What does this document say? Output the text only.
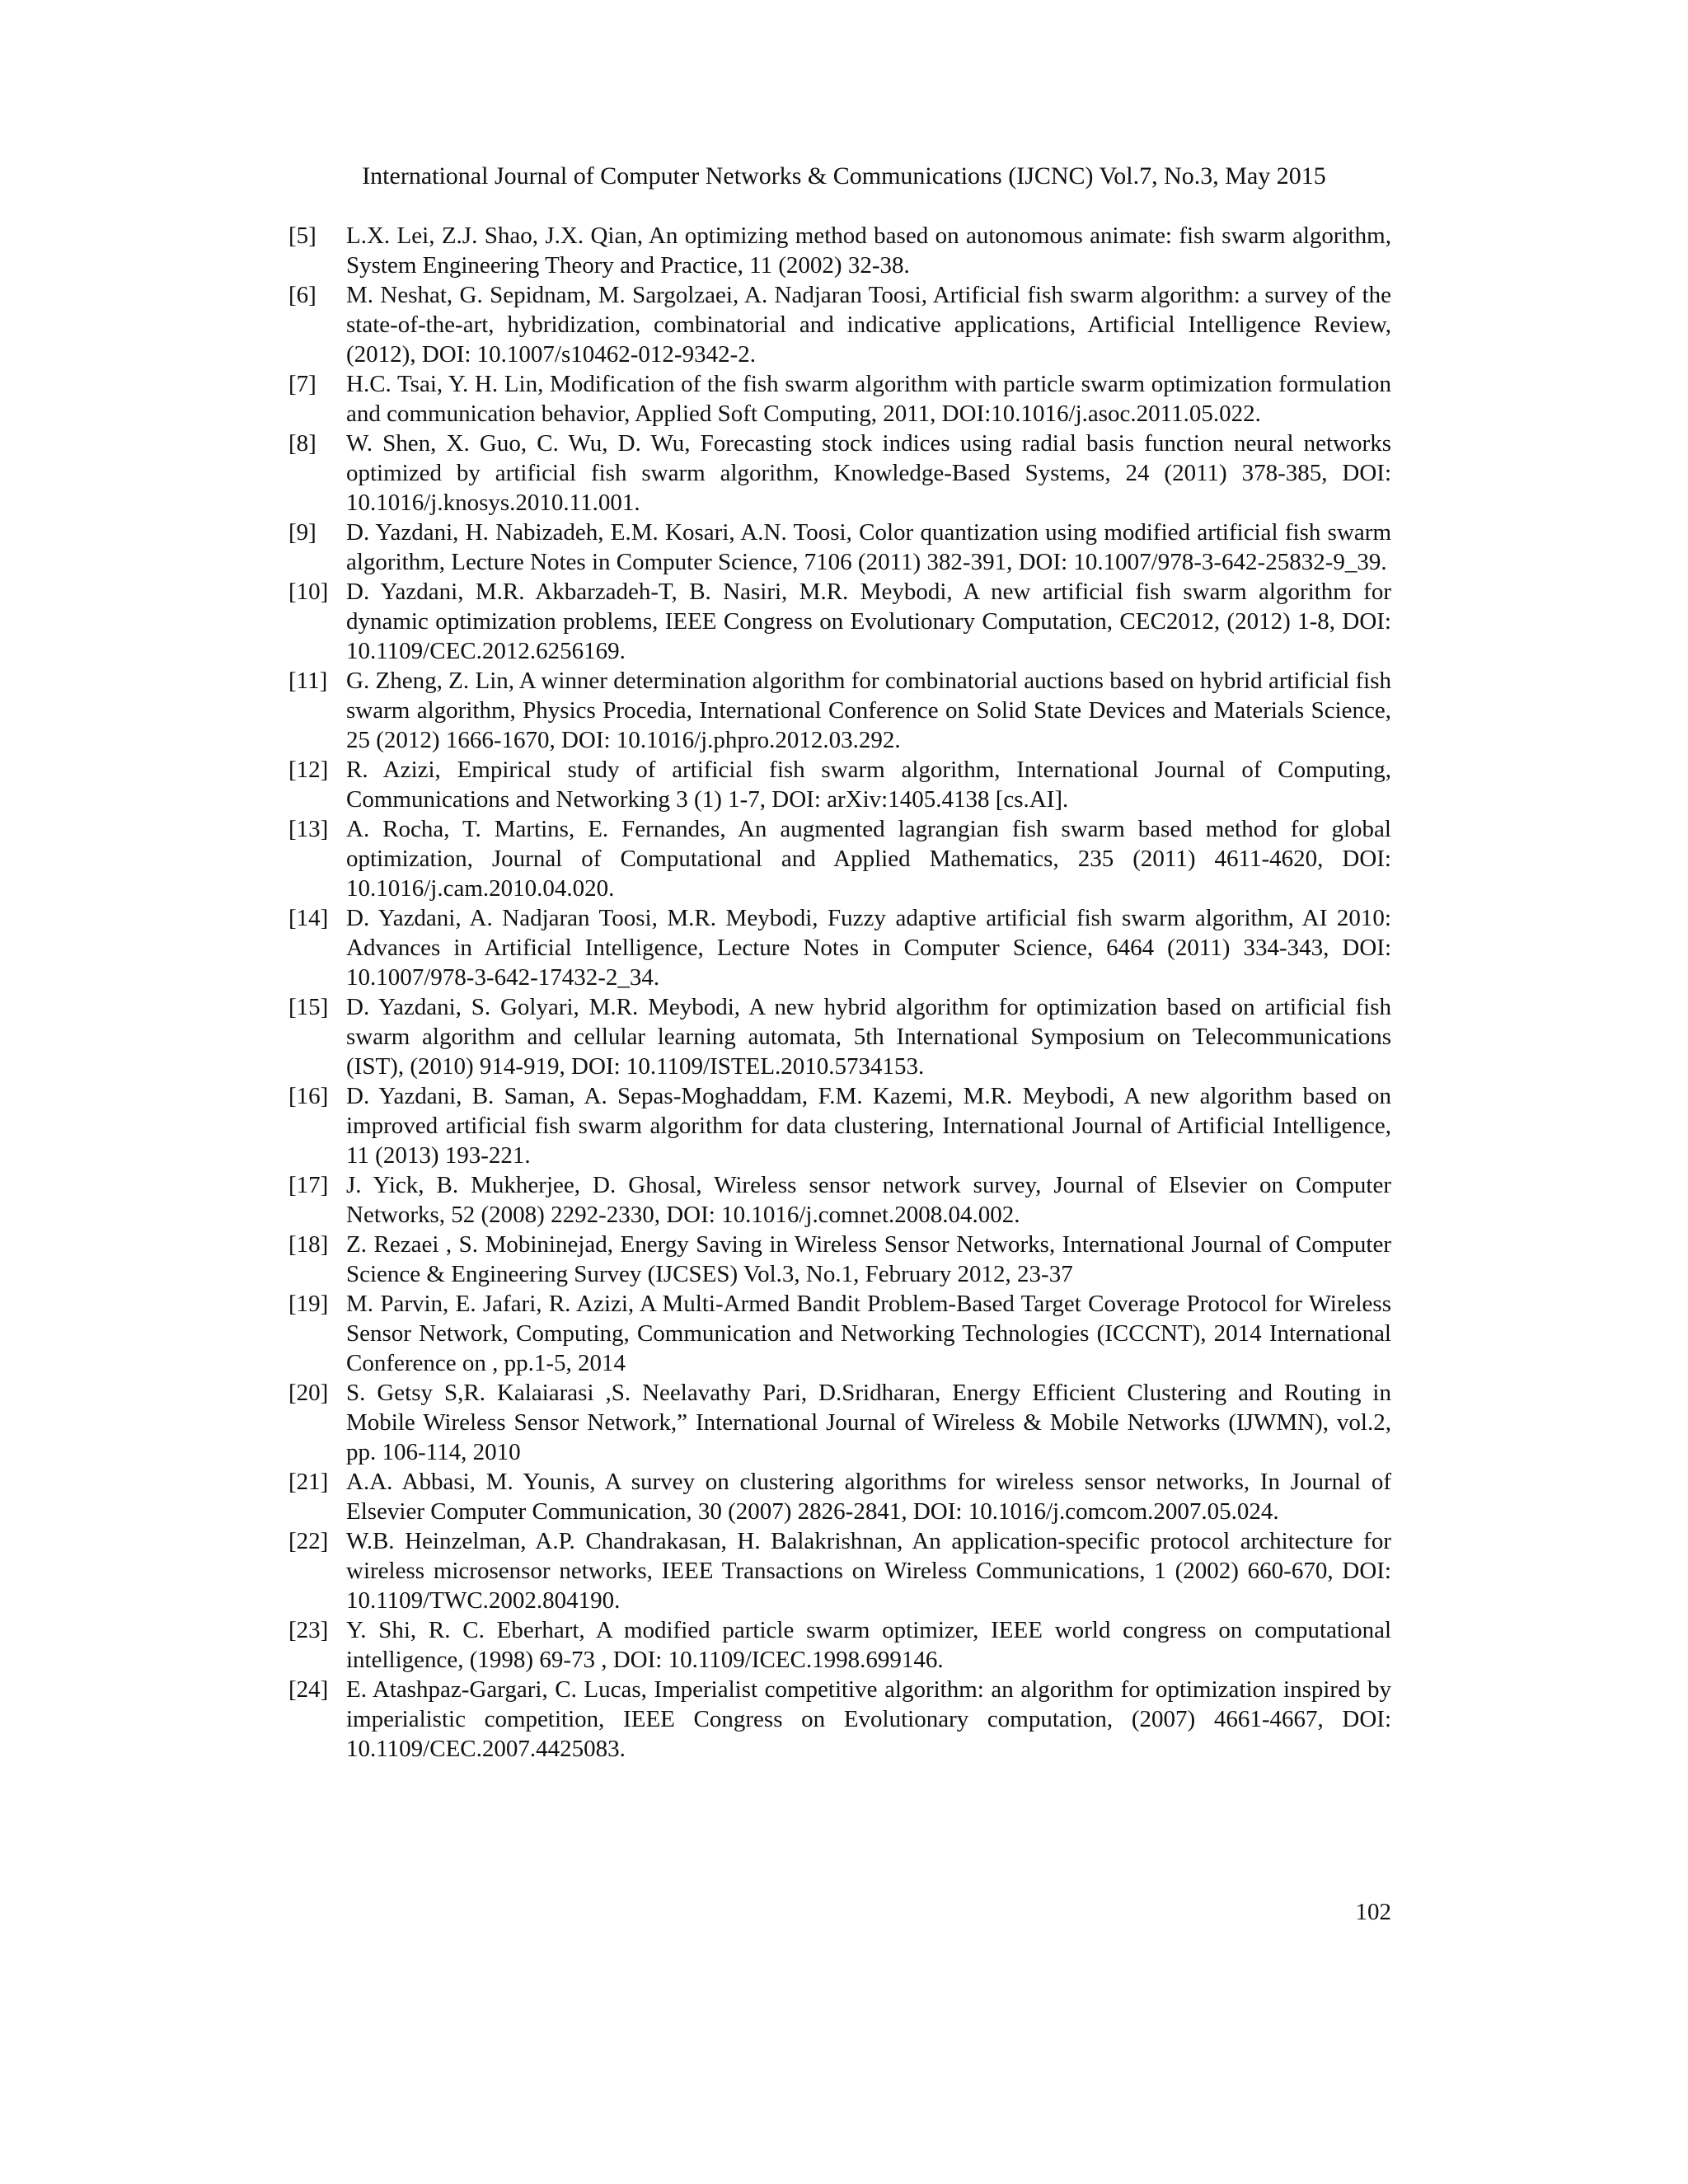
International Journal of Computer Networks & Communications (IJCNC) Vol.7, No.3, May 2015
[5]	L.X. Lei, Z.J. Shao, J.X. Qian, An optimizing method based on autonomous animate: fish swarm algorithm, System Engineering Theory and Practice, 11 (2002) 32-38.
[6]	M. Neshat, G. Sepidnam, M. Sargolzaei, A. Nadjaran Toosi, Artificial fish swarm algorithm: a survey of the state-of-the-art, hybridization, combinatorial and indicative applications, Artificial Intelligence Review, (2012), DOI: 10.1007/s10462-012-9342-2.
[7]	H.C. Tsai, Y. H. Lin, Modification of the fish swarm algorithm with particle swarm optimization formulation and communication behavior, Applied Soft Computing, 2011, DOI:10.1016/j.asoc.2011.05.022.
[8]	W. Shen, X. Guo, C. Wu, D. Wu, Forecasting stock indices using radial basis function neural networks optimized by artificial fish swarm algorithm, Knowledge-Based Systems, 24 (2011) 378-385, DOI: 10.1016/j.knosys.2010.11.001.
[9]	D. Yazdani, H. Nabizadeh, E.M. Kosari, A.N. Toosi, Color quantization using modified artificial fish swarm algorithm, Lecture Notes in Computer Science, 7106 (2011) 382-391, DOI: 10.1007/978-3-642-25832-9_39.
[10] D. Yazdani, M.R. Akbarzadeh-T, B. Nasiri, M.R. Meybodi, A new artificial fish swarm algorithm for dynamic optimization problems, IEEE Congress on Evolutionary Computation, CEC2012, (2012) 1-8, DOI: 10.1109/CEC.2012.6256169.
[11] G. Zheng, Z. Lin, A winner determination algorithm for combinatorial auctions based on hybrid artificial fish swarm algorithm, Physics Procedia, International Conference on Solid State Devices and Materials Science, 25 (2012) 1666-1670, DOI: 10.1016/j.phpro.2012.03.292.
[12] R. Azizi, Empirical study of artificial fish swarm algorithm, International Journal of Computing, Communications and Networking 3 (1) 1-7, DOI: arXiv:1405.4138 [cs.AI].
[13] A. Rocha, T. Martins, E. Fernandes, An augmented lagrangian fish swarm based method for global optimization, Journal of Computational and Applied Mathematics, 235 (2011) 4611-4620, DOI: 10.1016/j.cam.2010.04.020.
[14] D. Yazdani, A. Nadjaran Toosi, M.R. Meybodi, Fuzzy adaptive artificial fish swarm algorithm, AI 2010: Advances in Artificial Intelligence, Lecture Notes in Computer Science, 6464 (2011) 334-343, DOI: 10.1007/978-3-642-17432-2_34.
[15] D. Yazdani, S. Golyari, M.R. Meybodi, A new hybrid algorithm for optimization based on artificial fish swarm algorithm and cellular learning automata, 5th International Symposium on Telecommunications (IST), (2010) 914-919, DOI: 10.1109/ISTEL.2010.5734153.
[16] D. Yazdani, B. Saman, A. Sepas-Moghaddam, F.M. Kazemi, M.R. Meybodi, A new algorithm based on improved artificial fish swarm algorithm for data clustering, International Journal of Artificial Intelligence, 11 (2013) 193-221.
[17] J. Yick, B. Mukherjee, D. Ghosal, Wireless sensor network survey, Journal of Elsevier on Computer Networks, 52 (2008) 2292-2330, DOI: 10.1016/j.comnet.2008.04.002.
[18] Z. Rezaei , S. Mobininejad, Energy Saving in Wireless Sensor Networks, International Journal of Computer Science & Engineering Survey (IJCSES) Vol.3, No.1, February 2012, 23-37
[19] M. Parvin, E. Jafari, R. Azizi, A Multi-Armed Bandit Problem-Based Target Coverage Protocol for Wireless Sensor Network, Computing, Communication and Networking Technologies (ICCCNT), 2014 International Conference on , pp.1-5, 2014
[20] S. Getsy S,R. Kalaiarasi ,S. Neelavathy Pari, D.Sridharan, Energy Efficient Clustering and Routing in Mobile Wireless Sensor Network,” International Journal of Wireless & Mobile Networks (IJWMN), vol.2, pp. 106-114, 2010
[21] A.A. Abbasi, M. Younis, A survey on clustering algorithms for wireless sensor networks, In Journal of Elsevier Computer Communication, 30 (2007) 2826-2841, DOI: 10.1016/j.comcom.2007.05.024.
[22] W.B. Heinzelman, A.P. Chandrakasan, H. Balakrishnan, An application-specific protocol architecture for wireless microsensor networks, IEEE Transactions on Wireless Communications, 1 (2002) 660-670, DOI: 10.1109/TWC.2002.804190.
[23] Y. Shi, R. C. Eberhart, A modified particle swarm optimizer, IEEE world congress on computational intelligence, (1998) 69-73 , DOI: 10.1109/ICEC.1998.699146.
[24] E. Atashpaz-Gargari, C. Lucas, Imperialist competitive algorithm: an algorithm for optimization inspired by imperialistic competition, IEEE Congress on Evolutionary computation, (2007) 4661-4667, DOI: 10.1109/CEC.2007.4425083.
102
